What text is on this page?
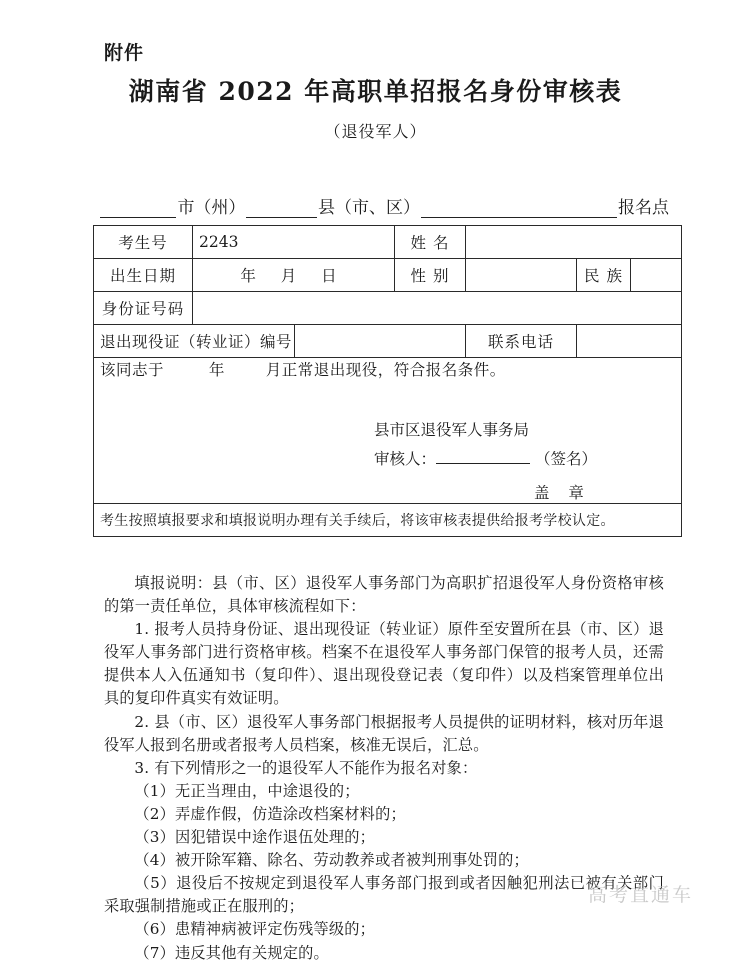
附件
湖南省 2022 年高职单招报名身份审核表
（退役军人）
市（州）	县（市、区）	报名点
考生号	2243		姓 名			
出生日期	年 月 日		性 别		民 族	
身份证号码						
退出现役证（转业证）编号				联系电话		

该同志于 年 月正常退出现役，符合报名条件。
县市区退役军人事务局
审核人： （签名）
盖 章						

考生按照填报要求和填报说明办理有关手续后，将该审核表提供给报考学校认定。						

填报说明：县（市、区）退役军人事务部门为高职扩招退役军人身份资格审核的第一责任单位，具体审核流程如下：

1. 报考人员持身份证、退出现役证（转业证）原件至安置所在县（市、区）退役军人事务部门进行资格审核。档案不在退役军人事务部门保管的报考人员，还需提供本人入伍通知书（复印件）、退出现役登记表（复印件）以及档案管理单位出具的复印件真实有效证明。

2. 县（市、区）退役军人事务部门根据报考人员提供的证明材料，核对历年退役军人报到名册或者报考人员档案，核准无误后，汇总。

3. 有下列情形之一的退役军人不能作为报名对象：

（1）无正当理由，中途退役的；

（2）弄虚作假，仿造涂改档案材料的；

（3）因犯错误中途作退伍处理的；

（4）被开除军籍、除名、劳动教养或者被判刑事处罚的；

（5）退役后不按规定到退役军人事务部门报到或者因触犯刑法已被有关部门采取强制措施或正在服刑的；

（6）患精神病被评定伤残等级的；

（7）违反其他有关规定的。

高考直通车
